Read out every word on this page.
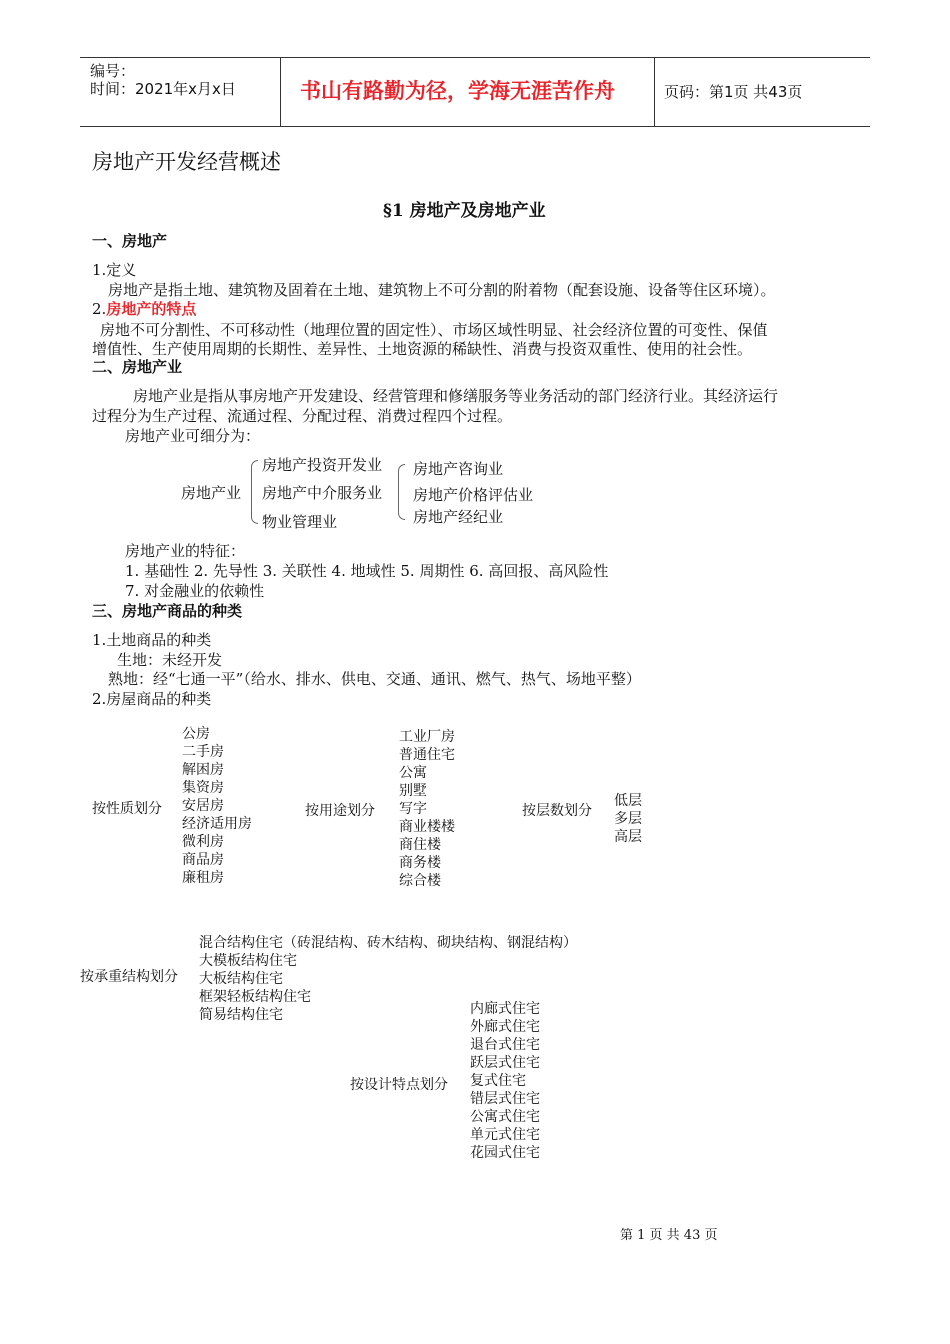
编号：
时间：2021年x月x日	书山有路勤为径，学海无涯苦作舟	页码：第1页 共43页
房地产开发经营概述
§1 房地产及房地产业
一、房地产
1.定义
房地产是指土地、建筑物及固着在土地、建筑物上不可分割的附着物（配套设施、设备等住区环境）。
2.房地产的特点
房地不可分割性、不可移动性（地理位置的固定性）、市场区域性明显、社会经济位置的可变性、保值
增值性、生产使用周期的长期性、差异性、土地资源的稀缺性、消费与投资双重性、使用的社会性。
二、房地产业
房地产业是指从事房地产开发建设、经营管理和修缮服务等业务活动的部门经济行业。其经济运行
过程分为生产过程、流通过程、分配过程、消费过程四个过程。
房地产业可细分为：
房地产业
房地产投资开发业
房地产中介服务业
物业管理业
房地产咨询业
房地产价格评估业
房地产经纪业
房地产业的特征：
1. 基础性 2. 先导性 3. 关联性 4. 地域性 5. 周期性 6. 高回报、高风险性
7. 对金融业的依赖性
三、房地产商品的种类
1.土地商品的种类
生地：未经开发
熟地：经“七通一平”（给水、排水、供电、交通、通讯、燃气、热气、场地平整）
2.房屋商品的种类
按性质划分
公房
二手房
解困房
集资房
安居房
经济适用房
微利房
商品房
廉租房
按用途划分
工业厂房
普通住宅
公寓
别墅
写字
商业楼楼
商住楼
商务楼
综合楼
按层数划分
低层
多层
高层
按承重结构划分
混合结构住宅（砖混结构、砖木结构、砌块结构、钢混结构）
大模板结构住宅
大板结构住宅
框架轻板结构住宅
简易结构住宅
按设计特点划分
内廊式住宅
外廊式住宅
退台式住宅
跃层式住宅
复式住宅
错层式住宅
公寓式住宅
单元式住宅
花园式住宅
第 1 页 共 43 页
